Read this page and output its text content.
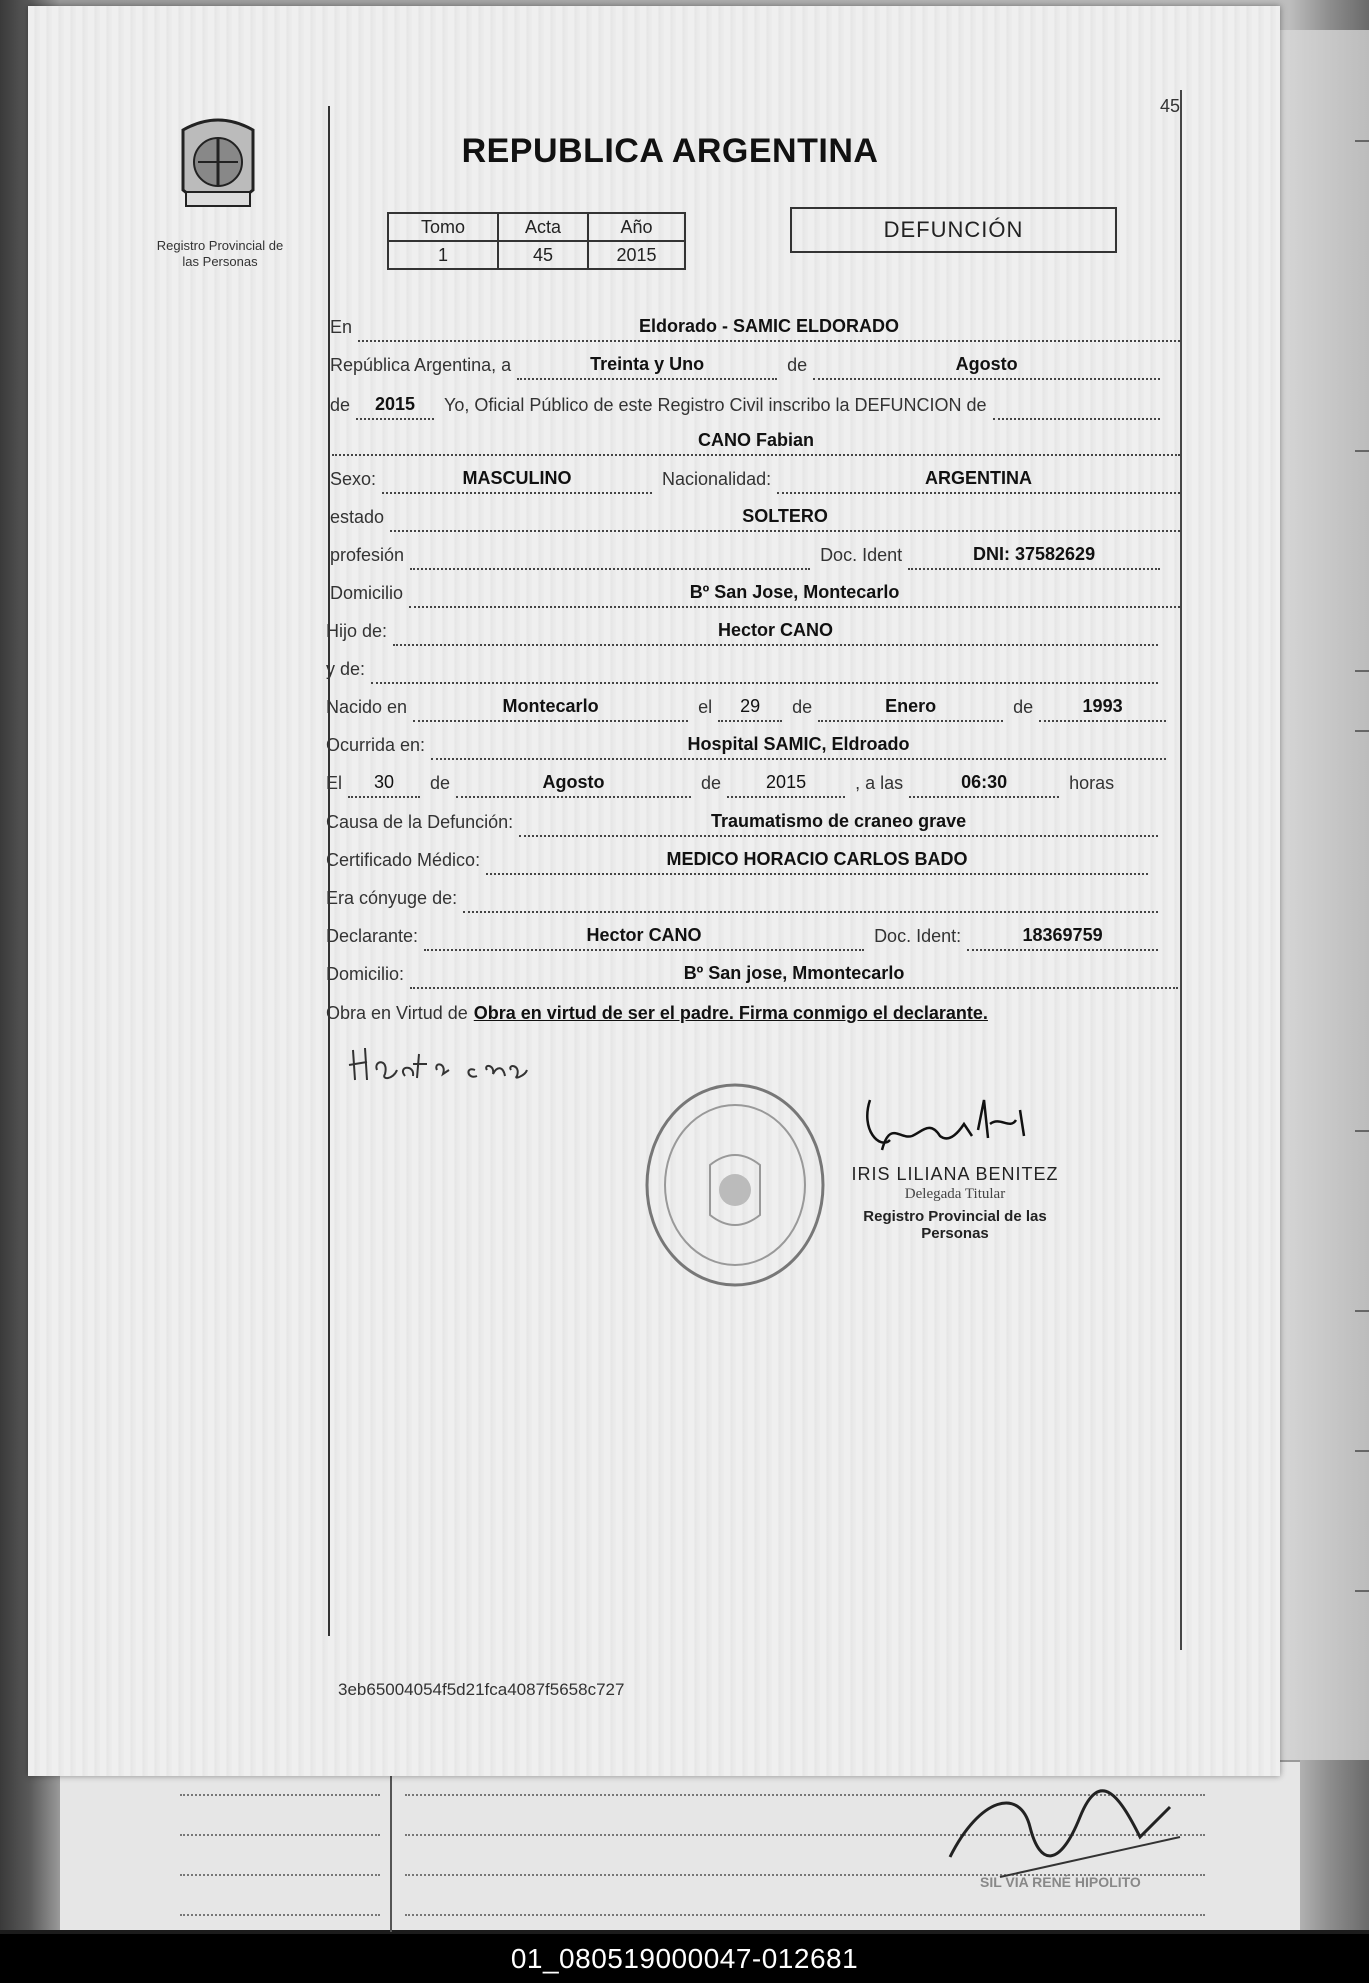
SIL VIA RENÉ HIPOLITO
45
Registro Provincial de
las Personas
REPUBLICA ARGENTINA
Tomo	Acta	Año
1	45	2015
DEFUNCIÓN
En	Eldorado - SAMIC ELDORADO
República Argentina, a	Treinta y Uno	de	Agosto
de	2015	Yo, Oficial Público de este Registro Civil inscribo la DEFUNCION de
CANO Fabian
Sexo:	MASCULINO	Nacionalidad:	ARGENTINA
estado	SOLTERO
profesión	Doc. Ident	DNI: 37582629
Domicilio	Bº San Jose, Montecarlo
Hijo de:	Hector CANO
y de:
Nacido en	Montecarlo	el	29	de	Enero	de	1993
Ocurrida en:	Hospital SAMIC, Eldroado
El	30	de	Agosto	de	2015	, a las	06:30	horas
Causa de la Defunción:	Traumatismo de craneo grave
Certificado Médico:	MEDICO HORACIO CARLOS BADO
Era cónyuge de:
Declarante:	Hector CANO	Doc. Ident:	18369759
Domicilio:	Bº San jose, Mmontecarlo
Obra en Virtud de Obra en virtud de ser el padre. Firma conmigo el declarante.
IRIS LILIANA BENITEZ
Delegada Titular
Registro Provincial de las Personas
3eb65004054f5d21fca4087f5658c727
01_080519000047-012681
